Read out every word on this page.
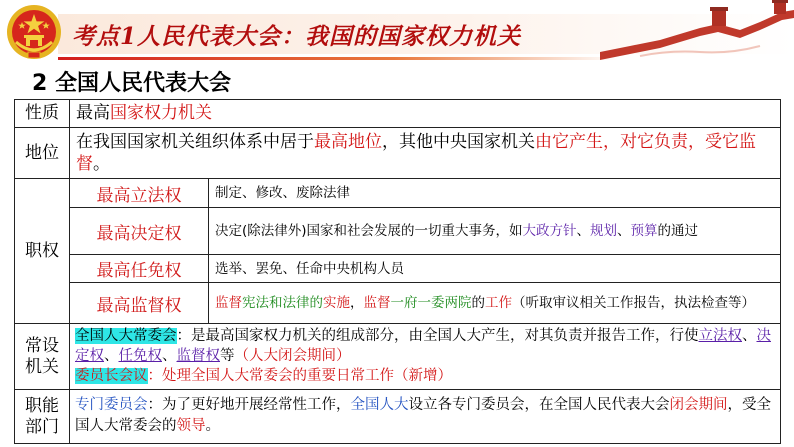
考点1人民代表大会：我国的国家权力机关
2 全国人民代表大会
性质	最高国家权力机关
地位
在我国国家机关组织体系中居于最高地位，其他中央国家机关由它产生，对它负责，受它监督。
职权
最高立法权 制定、修改、废除法律
最高决定权 决定(除法律外)国家和社会发展的一切重大事务，如大政方针、规划、预算的通过
最高任免权 选举、罢免、任命中央机构人员
最高监督权 监督宪法和法律的实施，监督一府一委两院的工作（听取审议相关工作报告，执法检查等）
常设机关
全国人大常委会：是最高国家权力机关的组成部分，由全国人大产生，对其负责并报告工作，行使立法权、决定权、任免权、监督权等（人大闭会期间）
委员长会议：处理全国人大常委会的重要日常工作（新增）
职能部门
专门委员会：为了更好地开展经常性工作，全国人大设立各专门委员会，在全国人民代表大会闭会期间，受全国人大常委会的领导。
